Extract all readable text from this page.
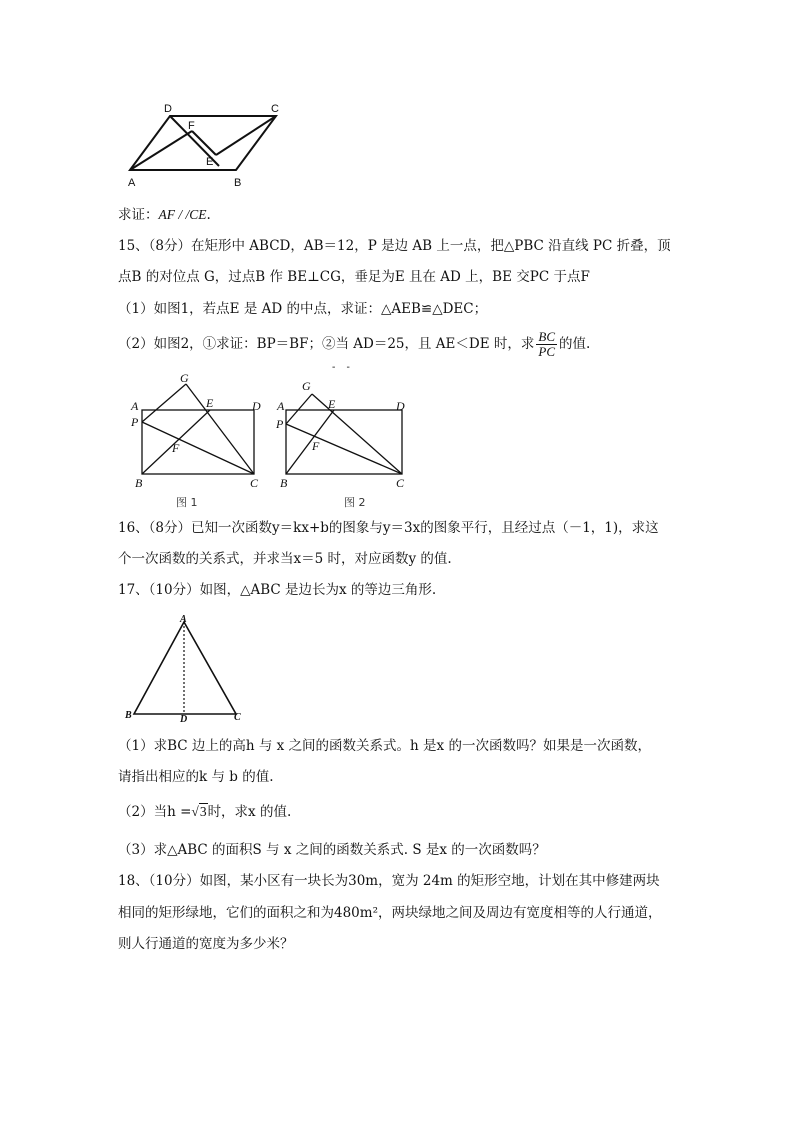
D	C
F
E
A	B
求证：AF / /CE.
15、（8分）在矩形中 ABCD，AB＝12，P 是边 AB 上一点，把△PBC 沿直线 PC 折叠，顶
点B 的对位点 G，过点B 作 BE⊥CG，垂足为E 且在 AD 上，BE 交PC 于点F
（1）如图1，若点E 是 AD 的中点，求证：△AEB≌△DEC；
（2）如图2，①求证：BP＝BF；②当 AD＝25，且 AE＜DE 时，求 $\frac{BC}{PC}$ 的值.
- -
G
A	E	D
P
F
B	C
图 1
G
A	E	D
P
F
B	C
图 2
16、（8分）已知一次函数y＝kx+b的图象与y＝3x的图象平行，且经过点（－1，1)，求这
个一次函数的关系式，并求当x＝5 时，对应函数y 的值.
17、（10分）如图，△ABC 是边长为x 的等边三角形.
A
B	D	C
（1）求BC 边上的高h 与 x 之间的函数关系式。h 是x 的一次函数吗？如果是一次函数，
请指出相应的k 与 b 的值.
（2）当h =√3时，求x 的值.
（3）求△ABC 的面积S 与 x 之间的函数关系式. S 是x 的一次函数吗？
18、（10分）如图，某小区有一块长为30m，宽为 24m 的矩形空地，计划在其中修建两块
相同的矩形绿地，它们的面积之和为480m²，两块绿地之间及周边有宽度相等的人行通道，
则人行通道的宽度为多少米？
